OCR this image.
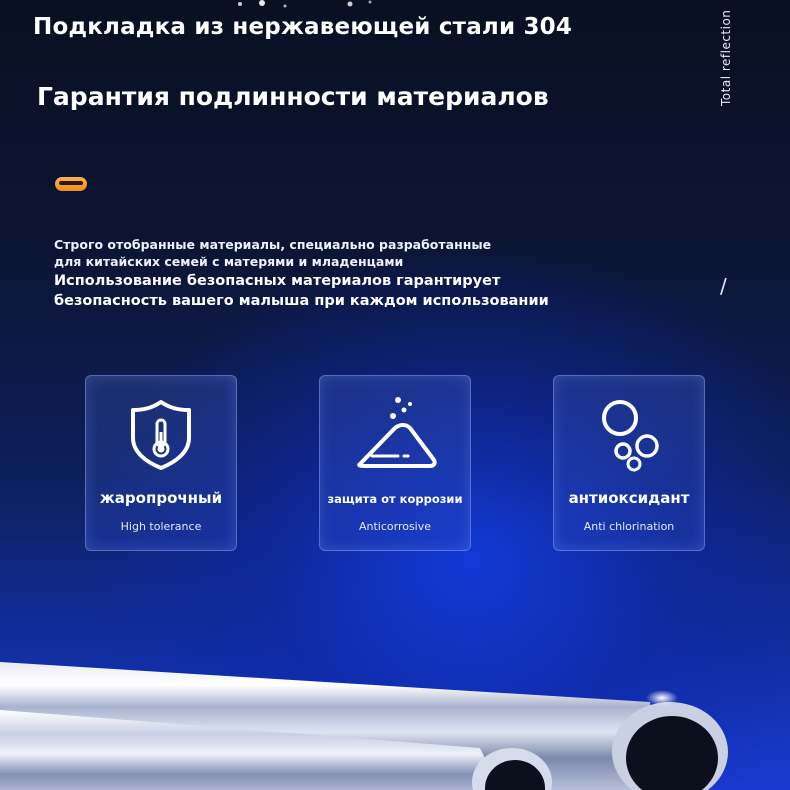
Подкладка из нержавеющей стали 304
Гарантия подлинности материалов	Total reflection
Строго отобранные материалы, специально разработанные
для китайских семей с матерями и младенцами
Использование безопасных материалов гарантирует
безопасность вашего малыша при каждом использовании
/
жаропрочный
High tolerance
защита от коррозии
Anticorrosive
антиоксидант
Anti chlorination
